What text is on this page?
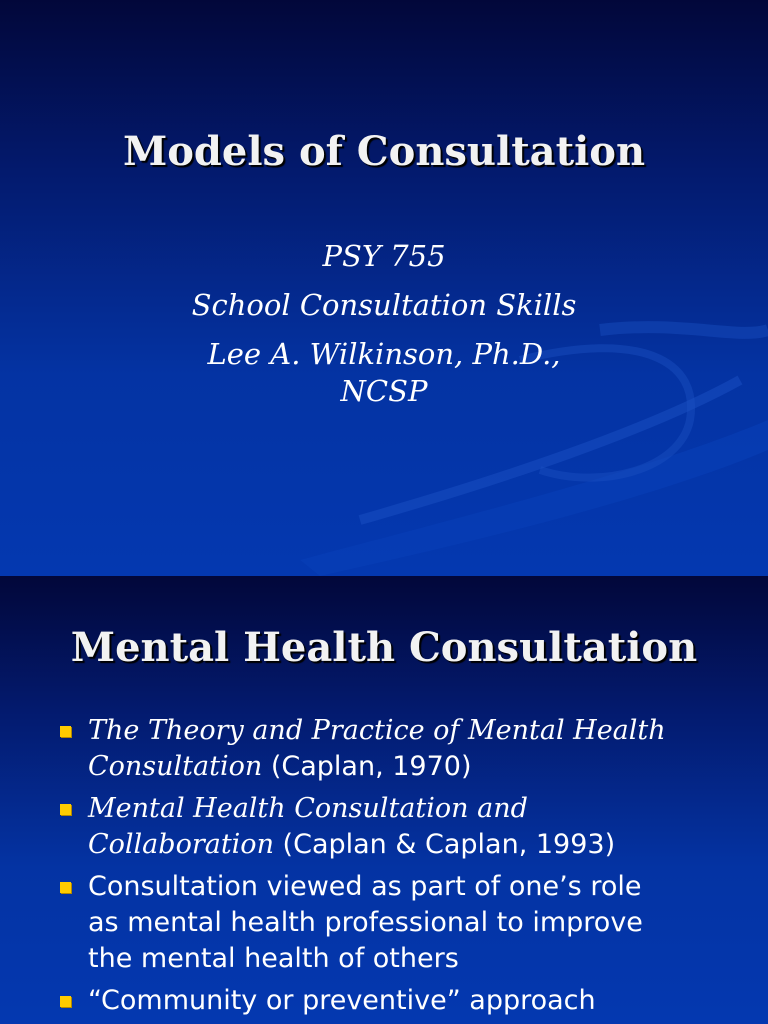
Models of Consultation
PSY 755
School Consultation Skills
Lee A. Wilkinson, Ph.D.,
NCSP
Mental Health Consultation
The Theory and Practice of Mental Health
Consultation (Caplan, 1970)
Mental Health Consultation and
Collaboration (Caplan & Caplan, 1993)
Consultation viewed as part of one’s role
as mental health professional to improve
the mental health of others
“Community or preventive” approach
